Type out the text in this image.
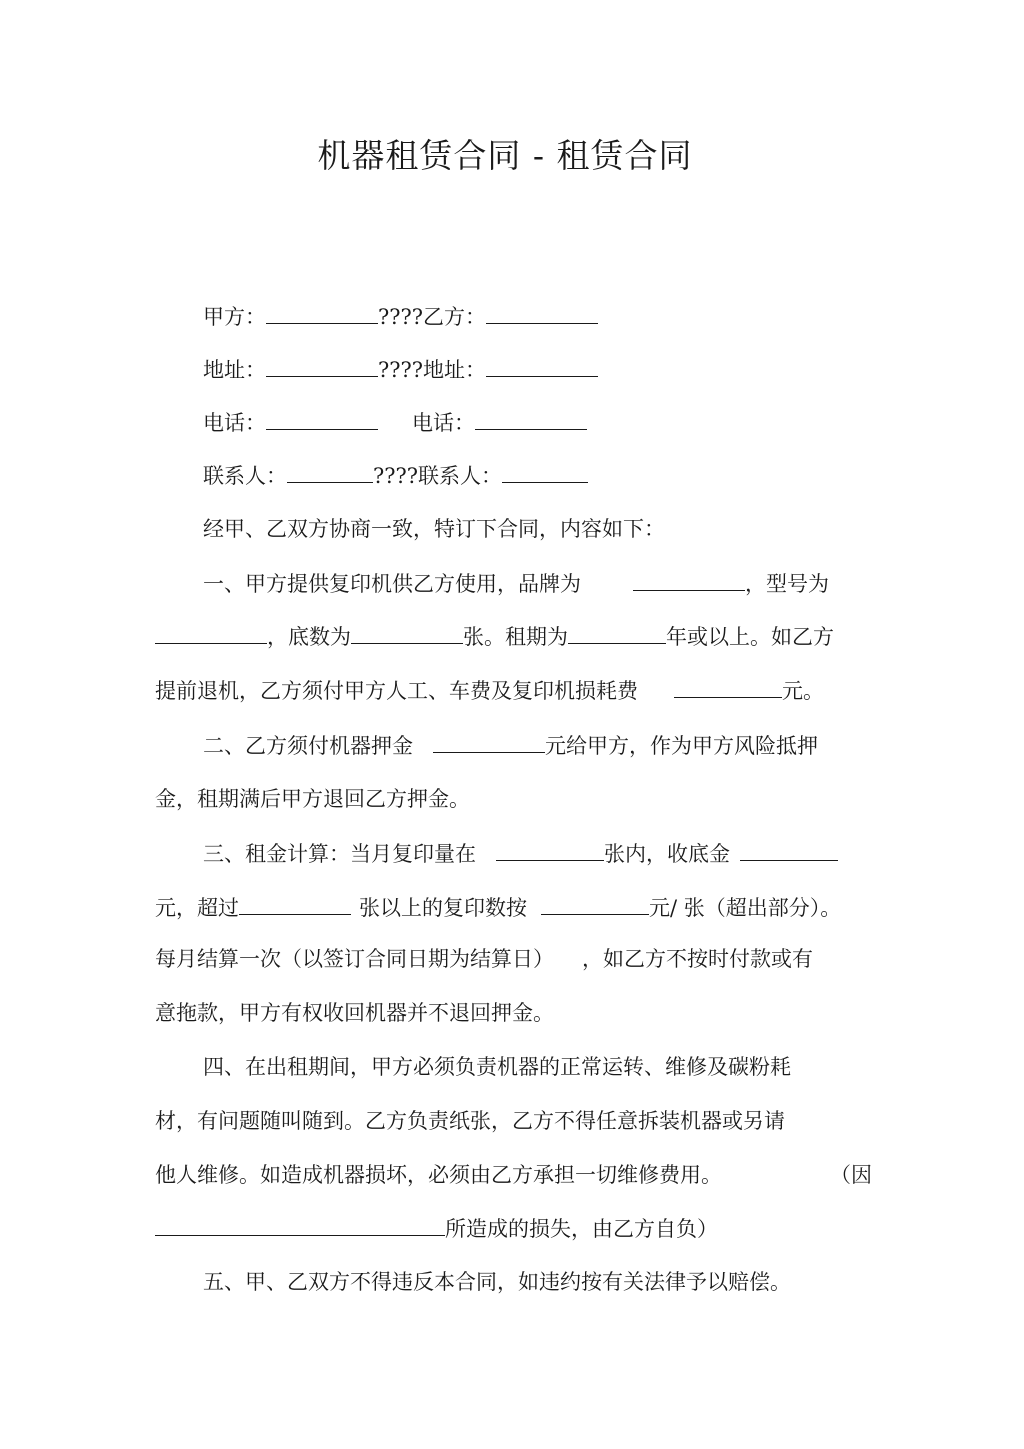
机器租赁合同 - 租赁合同
甲方：	????乙方：
地址：	????地址：
电话：	电话：
联系人：	????联系人：
经甲、乙双方协商一致，特订下合同，内容如下：
一、甲方提供复印机供乙方使用，品牌为	，型号为
，底数为	张。租期为	年或以上。如乙方
提前退机，乙方须付甲方人工、车费及复印机损耗费	元。
二、乙方须付机器押金	元给甲方，作为甲方风险抵押
金，租期满后甲方退回乙方押金。
三、租金计算：当月复印量在	张内，收底金
元，超过	张以上的复印数按	元/ 张（超出部分）。
每月结算一次（以签订合同日期为结算日） ，如乙方不按时付款或有
意拖款，甲方有权收回机器并不退回押金。
四、在出租期间，甲方必须负责机器的正常运转、维修及碳粉耗
材，有问题随叫随到。乙方负责纸张，乙方不得任意拆装机器或另请
他人维修。如造成机器损坏，必须由乙方承担一切维修费用。	（因
所造成的损失，由乙方自负）
五、甲、乙双方不得违反本合同，如违约按有关法律予以赔偿。
